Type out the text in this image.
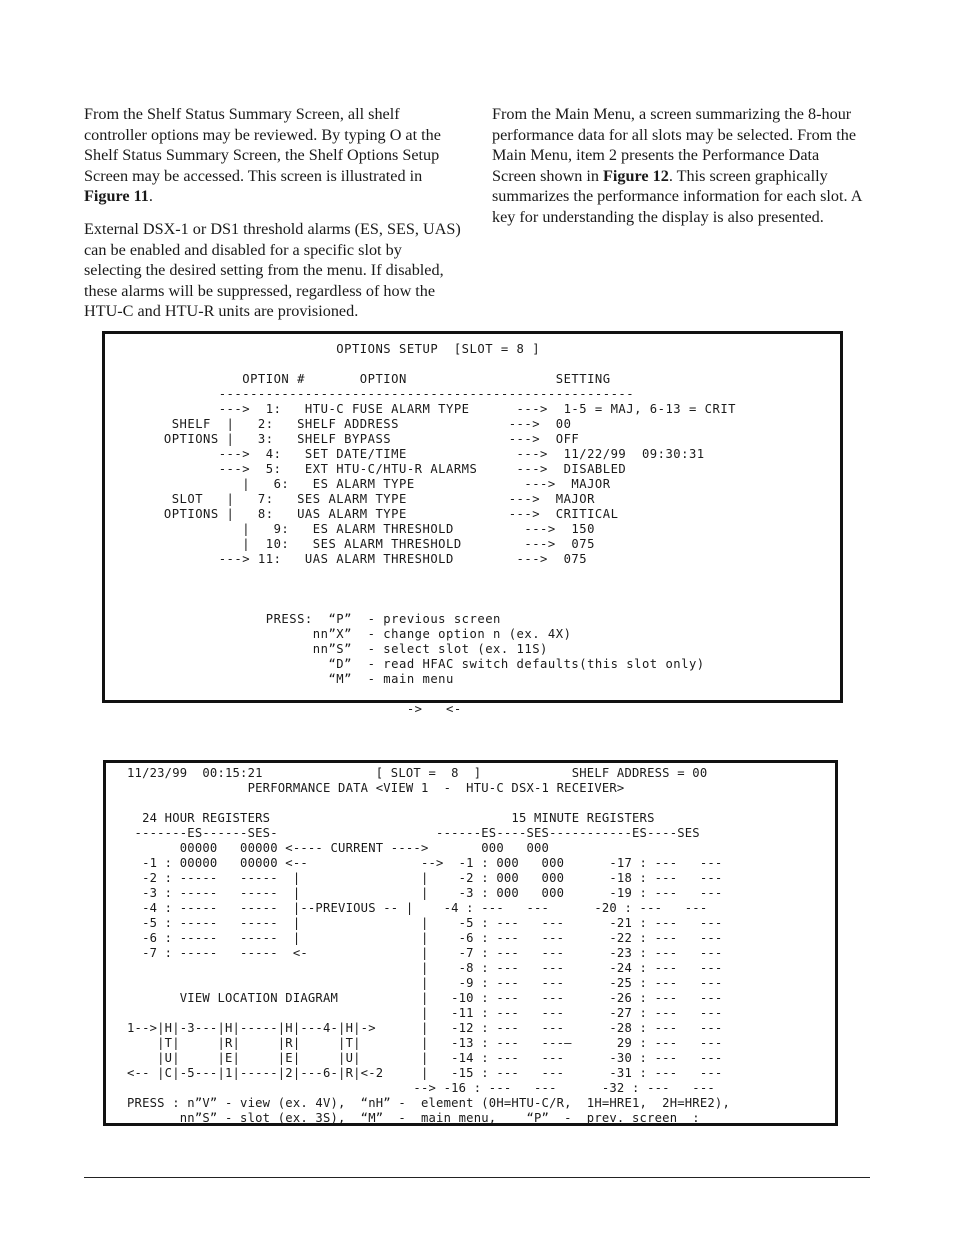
From the Shelf Status Summary Screen, all shelf controller options may be reviewed. By typing O at the Shelf Status Summary Screen, the Shelf Options Setup Screen may be accessed. This screen is illustrated in Figure 11.

External DSX-1 or DS1 threshold alarms (ES, SES, UAS) can be enabled and disabled for a specific slot by selecting the desired setting from the menu. If disabled, these alarms will be suppressed, regardless of how the HTU-C and HTU-R units are provisioned.

From the Main Menu, a screen summarizing the 8-hour performance data for all slots may be selected. From the Main Menu, item 2 presents the Performance Data Screen shown in Figure 12. This screen graphically summarizes the performance information for each slot. A key for understanding the display is also presented.

OPTIONS SETUP  [SLOT = 8 ]

OPTION #       OPTION                   SETTING
-----------------------------------------------------
--->  1:   HTU-C FUSE ALARM TYPE      --->  1-5 = MAJ, 6-13 = CRIT
SHELF  |   2:   SHELF ADDRESS              --->  00
OPTIONS |   3:   SHELF BYPASS               --->  OFF
--->  4:   SET DATE/TIME              --->  11/22/99  09:30:31
--->  5:   EXT HTU-C/HTU-R ALARMS     --->  DISABLED
|   6:   ES ALARM TYPE              --->  MAJOR
SLOT   |   7:   SES ALARM TYPE             --->  MAJOR
OPTIONS |   8:   UAS ALARM TYPE             --->  CRITICAL
|   9:   ES ALARM THRESHOLD         --->  150
|  10:   SES ALARM THRESHOLD        --->  075
---> 11:   UAS ALARM THRESHOLD        --->  075

PRESS:  “P”  - previous screen
nn”X”  - change option n (ex. 4X)
nn”S”  - select slot (ex. 11S)
“D”  - read HFAC switch defaults(this slot only)
“M”  - main menu

->   <-
11/23/99  00:15:21               [ SLOT =  8  ]            SHELF ADDRESS = 00
PERFORMANCE DATA <VIEW 1  -  HTU-C DSX-1 RECEIVER>

24 HOUR REGISTERS                                15 MINUTE REGISTERS
-------ES------SES-                     ------ES----SES-----------ES----SES
00000   00000 <---- CURRENT ---->       000   000
-1 : 00000   00000 <--               -->  -1 : 000   000      -17 : ---   ---
-2 : -----   -----  |                |    -2 : 000   000      -18 : ---   ---
-3 : -----   -----  |                |    -3 : 000   000      -19 : ---   ---
-4 : -----   -----  |--PREVIOUS -- |    -4 : ---   ---      -20 : ---   ---
-5 : -----   -----  |                |    -5 : ---   ---      -21 : ---   ---
-6 : -----   -----  |                |    -6 : ---   ---      -22 : ---   ---
-7 : -----   -----  <-               |    -7 : ---   ---      -23 : ---   ---
|    -8 : ---   ---      -24 : ---   ---
|    -9 : ---   ---      -25 : ---   ---
VIEW LOCATION DIAGRAM           |   -10 : ---   ---      -26 : ---   ---
|   -11 : ---   ---      -27 : ---   ---
1-->|H|-3---|H|-----|H|---4-|H|->      |   -12 : ---   ---      -28 : ---   ---
|T|     |R|     |R|     |T|        |   -13 : ---   ---–      29 : ---   ---
|U|     |E|     |E|     |U|        |   -14 : ---   ---      -30 : ---   ---
<-- |C|-5---|1|-----|2|---6-|R|<-2     |   -15 : ---   ---      -31 : ---   ---
--> -16 : ---   ---      -32 : ---   ---
PRESS : n”V” - view (ex. 4V),  “nH” -  element (0H=HTU-C/R,  1H=HRE1,  2H=HRE2),
nn”S” - slot (ex. 3S),  “M”  -  main menu,    “P”  -  prev. screen  :
